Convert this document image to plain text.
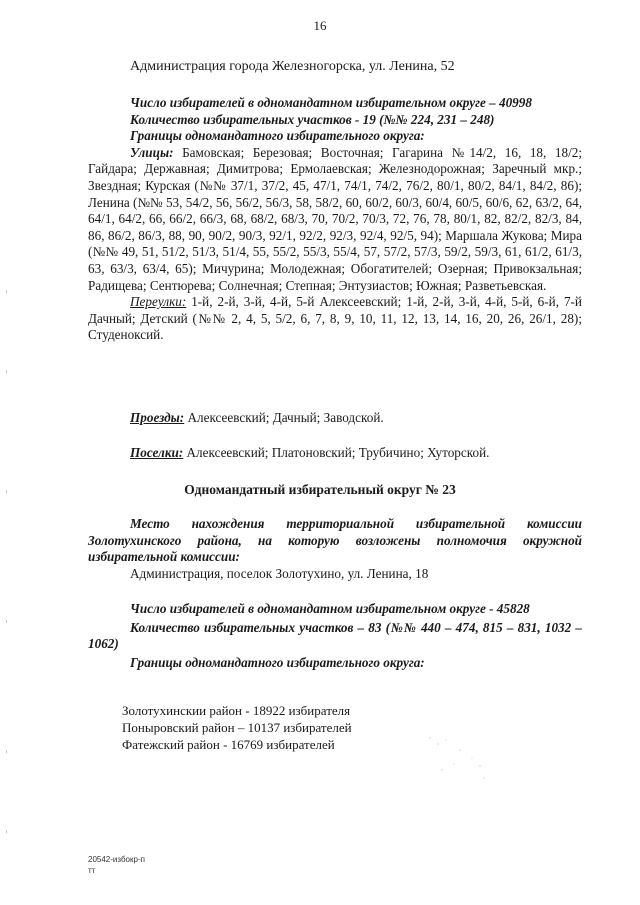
16
Администрация города Железногорска, ул. Ленина, 52
Число избирателей в одномандатном избирательном округе – 40998
Количество избирательных участков - 19 (№№ 224, 231 – 248)
Границы одномандатного избирательного округа:
Улицы: Бамовская; Березовая; Восточная; Гагарина №14/2, 16, 18, 18/2; Гайдара; Державная; Димитрова; Ермолаевская; Железнодорожная; Заречный мкр.; Звездная; Курская (№№ 37/1, 37/2, 45, 47/1, 74/1, 74/2, 76/2, 80/1, 80/2, 84/1, 84/2, 86); Ленина (№№ 53, 54/2, 56, 56/2, 56/3, 58, 58/2, 60, 60/2, 60/3, 60/4, 60/5, 60/6, 62, 63/2, 64, 64/1, 64/2, 66, 66/2, 66/3, 68, 68/2, 68/3, 70, 70/2, 70/3, 72, 76, 78, 80/1, 82, 82/2, 82/3, 84, 86, 86/2, 86/3, 88, 90, 90/2, 90/3, 92/1, 92/2, 92/3, 92/4, 92/5, 94); Маршала Жукова; Мира (№№ 49, 51, 51/2, 51/3, 51/4, 55, 55/2, 55/3, 55/4, 57, 57/2, 57/3, 59/2, 59/3, 61, 61/2, 61/3, 63, 63/3, 63/4, 65); Мичурина; Молодежная; Обогатителей; Озерная; Привокзальная; Радищева; Сентюрева; Солнечная; Степная; Энтузиастов; Южная; Разветьевская.
Переулки: 1-й, 2-й, 3-й, 4-й, 5-й Алексеевский; 1-й, 2-й, 3-й, 4-й, 5-й, 6-й, 7-й Дачный; Детский (№№ 2, 4, 5, 5/2, 6, 7, 8, 9, 10, 11, 12, 13, 14, 16, 20, 26, 26/1, 28); Студеноксий.
Проезды: Алексеевский; Дачный; Заводской.
Поселки: Алексеевский; Платоновский; Трубичино; Хуторской.
Одномандатный избирательный округ № 23
Место нахождения территориальной избирательной комиссии Золотухинского района, на которую возложены полномочия окружной избирательной комиссии:
Администрация, поселок Золотухино, ул. Ленина, 18
Число избирателей в одномандатном избирательном округе - 45828
Количество избирательных участков – 83 (№№ 440 – 474, 815 – 831, 1032 – 1062)
Границы одномандатного избирательного округа:
Золотухинскии район - 18922 избирателя
Поныровский район – 10137 избирателей
Фатежский район - 16769 избирателей
20542-избокр-п
тт
